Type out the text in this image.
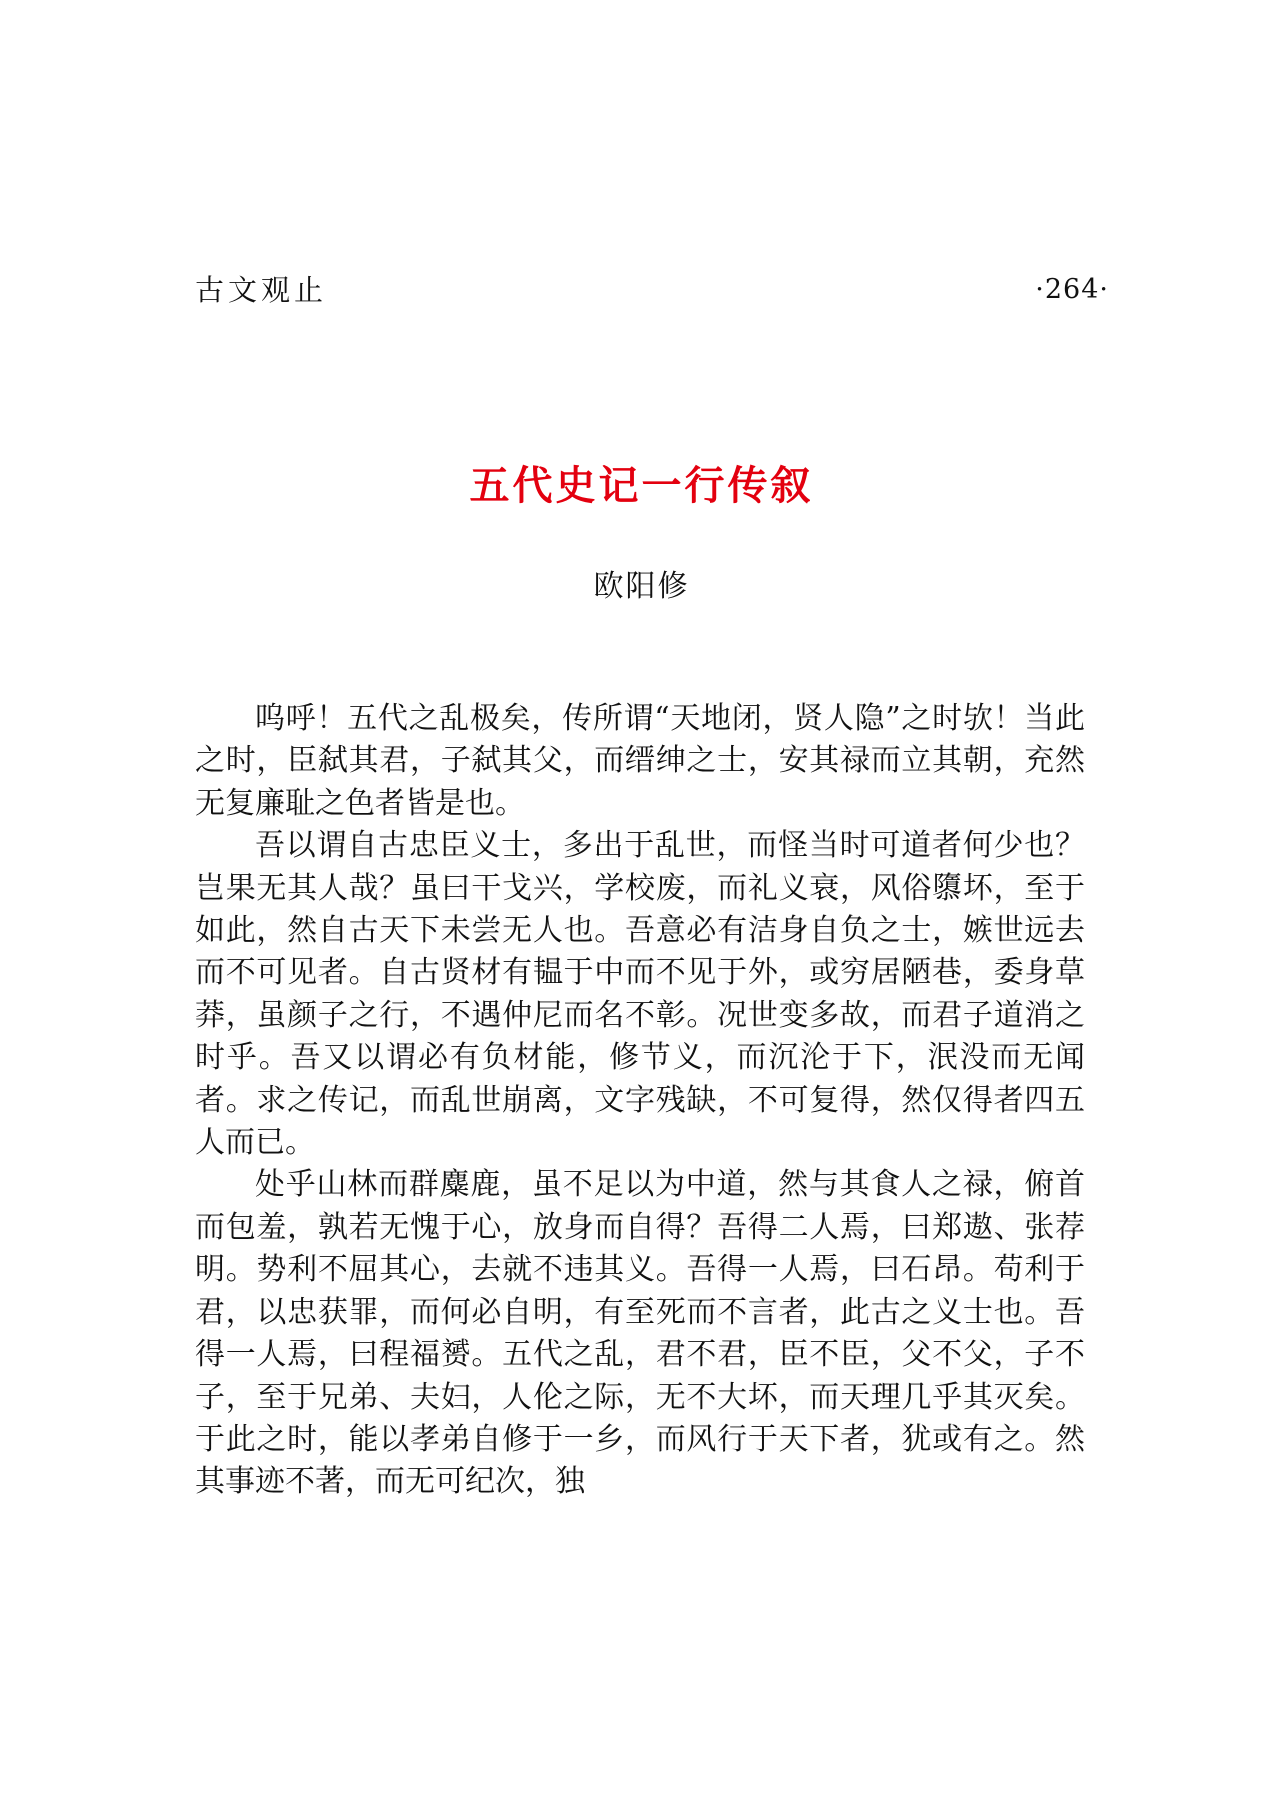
古文观止	·264·
五代史记一行传叙
欧阳修

呜呼！五代之乱极矣，传所谓“天地闭，贤人隐”之时欤！当此之时，臣弑其君，子弑其父，而缙绅之士，安其禄而立其朝，充然无复廉耻之色者皆是也。

吾以谓自古忠臣义士，多出于乱世，而怪当时可道者何少也？岂果无其人哉？虽曰干戈兴，学校废，而礼义衰，风俗隳坏，至于如此，然自古天下未尝无人也。吾意必有洁身自负之士，嫉世远去而不可见者。自古贤材有韫于中而不见于外，或穷居陋巷，委身草莽，虽颜子之行，不遇仲尼而名不彰。况世变多故，而君子道消之时乎。吾又以谓必有负材能，修节义，而沉沦于下，泯没而无闻者。求之传记，而乱世崩离，文字残缺，不可复得，然仅得者四五人而已。

处乎山林而群麋鹿，虽不足以为中道，然与其食人之禄，俯首而包羞，孰若无愧于心，放身而自得？吾得二人焉，曰郑遨、张荐明。势利不屈其心，去就不违其义。吾得一人焉，曰石昂。苟利于君，以忠获罪，而何必自明，有至死而不言者，此古之义士也。吾得一人焉，曰程福赟。五代之乱，君不君，臣不臣，父不父，子不子，至于兄弟、夫妇，人伦之际，无不大坏，而天理几乎其灭矣。于此之时，能以孝弟自修于一乡，而风行于天下者，犹或有之。然其事迹不著，而无可纪次，独
